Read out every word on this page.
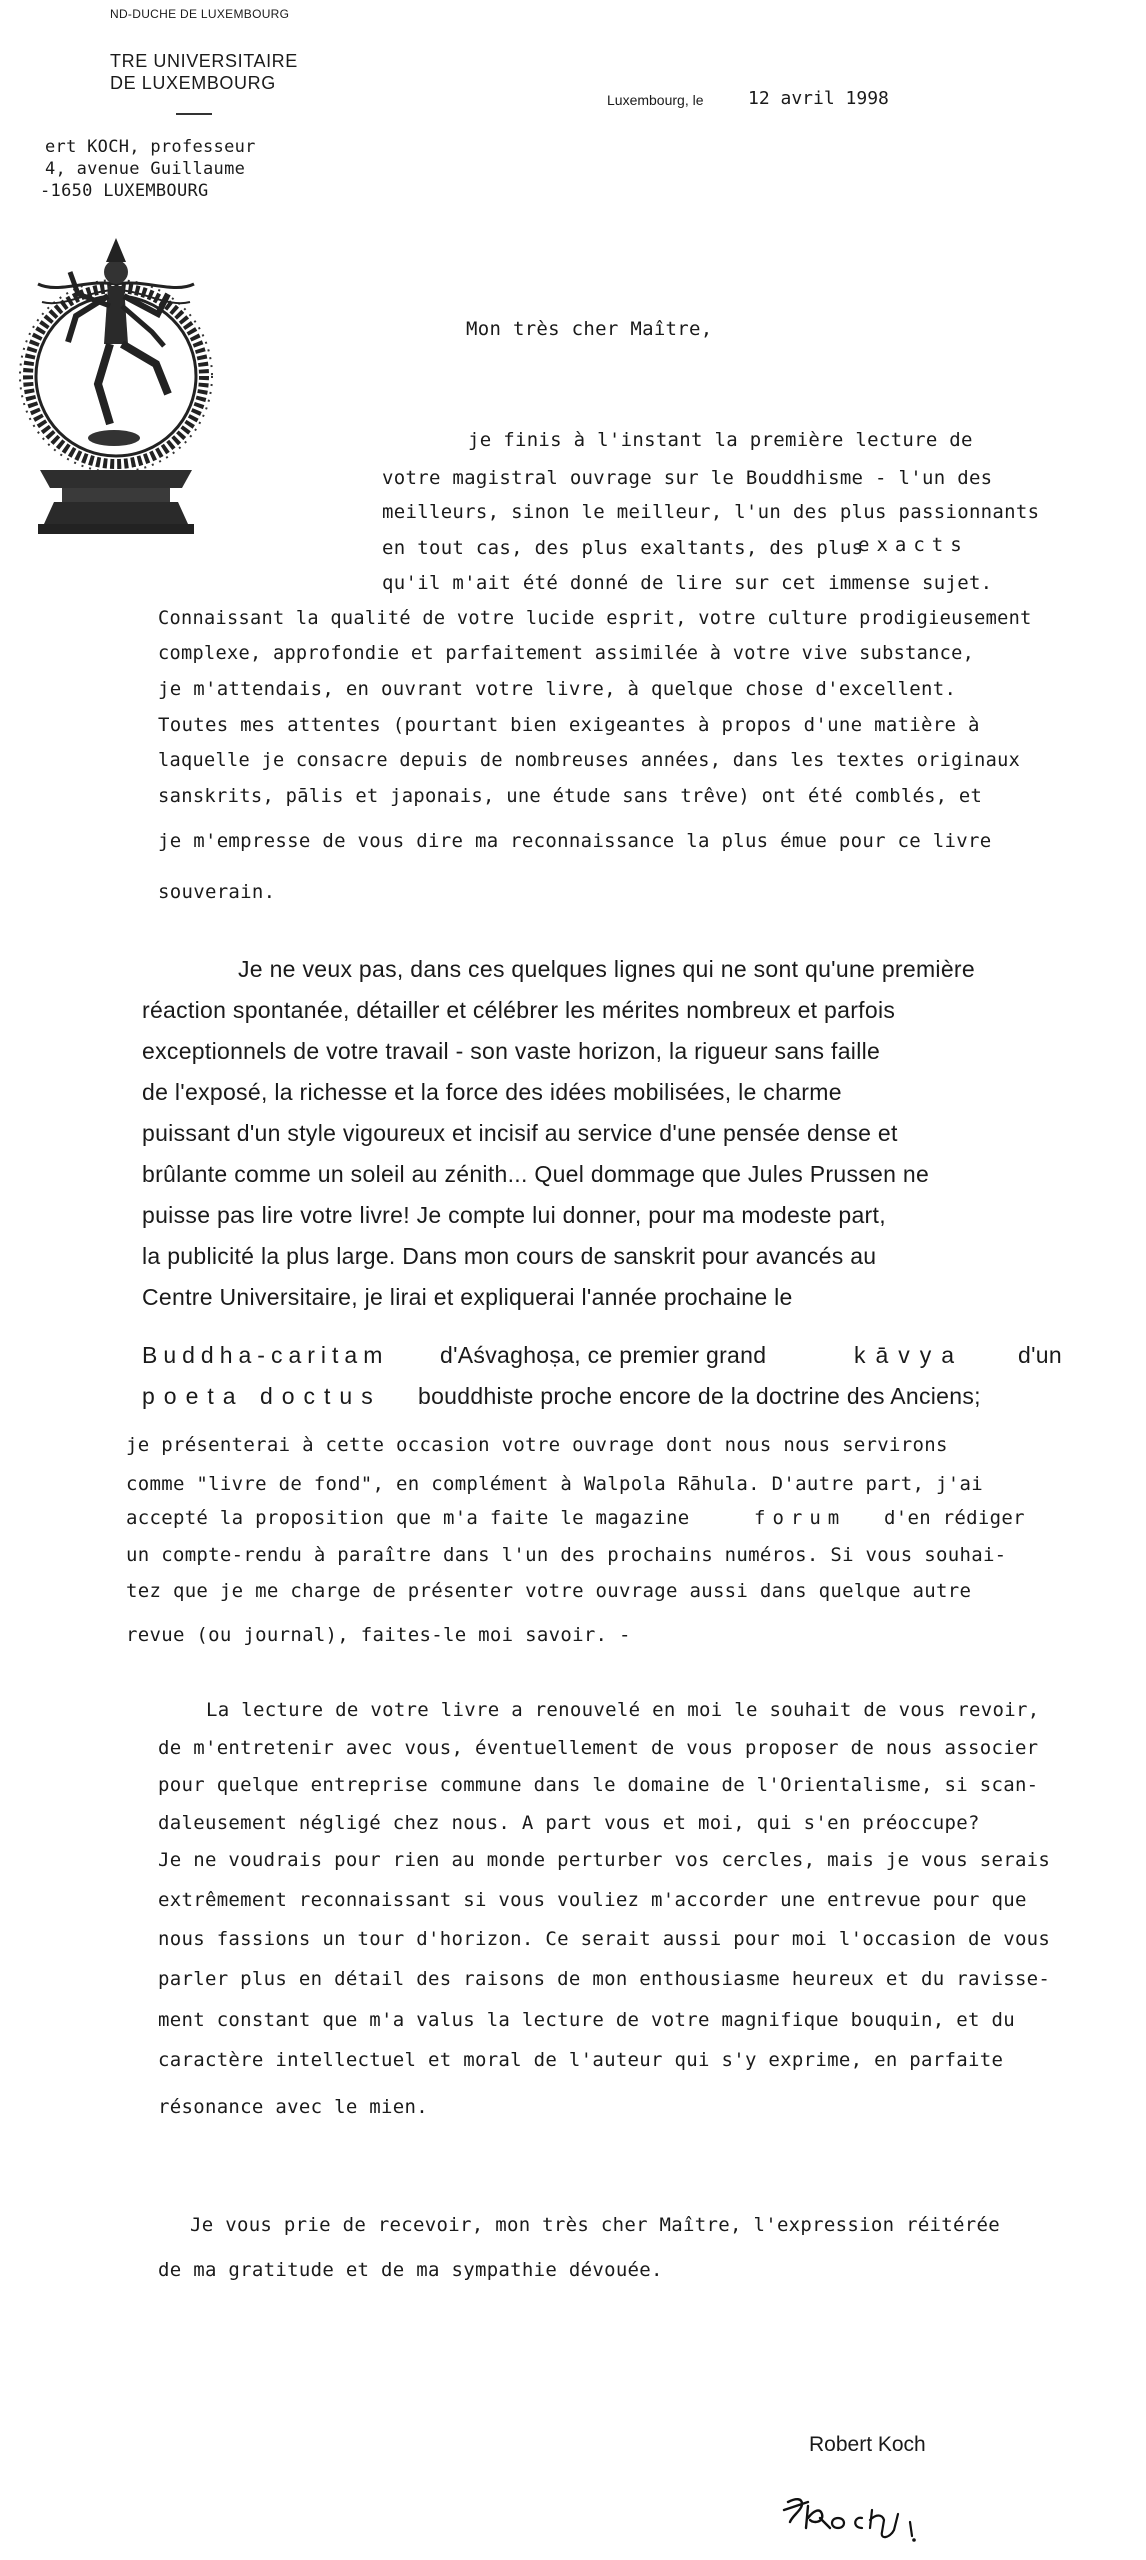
ND-DUCHE DE LUXEMBOURG
TRE UNIVERSITAIRE
DE LUXEMBOURG
ert KOCH, professeur
4, avenue Guillaume
-1650 LUXEMBOURG
Luxembourg, le 12 avril 1998
Mon très cher Maître,
je finis à l'instant la première lecture de
votre magistral ouvrage sur le Bouddhisme - l'un des
meilleurs, sinon le meilleur, l'un des plus passionnants
en tout cas, des plus exaltants, des plus
exacts
qu'il m'ait été donné de lire sur cet immense sujet.
Connaissant la qualité de votre lucide esprit, votre culture prodigieusement
complexe, approfondie et parfaitement assimilée à votre vive substance,
je m'attendais, en ouvrant votre livre, à quelque chose d'excellent.
Toutes mes attentes (pourtant bien exigeantes à propos d'une matière à
laquelle je consacre depuis de nombreuses années, dans les textes originaux
sanskrits, pālis et japonais, une étude sans trêve) ont été comblés, et
je m'empresse de vous dire ma reconnaissance la plus émue pour ce livre
souverain.
Je ne veux pas, dans ces quelques lignes qui ne sont qu'une première
réaction spontanée, détailler et célébrer les mérites nombreux et parfois
exceptionnels de votre travail - son vaste horizon, la rigueur sans faille
de l'exposé, la richesse et la force des idées mobilisées, le charme
puissant d'un style vigoureux et incisif au service d'une pensée dense et
brûlante comme un soleil au zénith... Quel dommage que Jules Prussen ne
puisse pas lire votre livre! Je compte lui donner, pour ma modeste part,
la publicité la plus large. Dans mon cours de sanskrit pour avancés au
Centre Universitaire, je lirai et expliquerai l'année prochaine le
Buddha-caritam d'Aśvaghoṣa, ce premier grand	kāvya d'un
poeta doctus bouddhiste proche encore de la doctrine des Anciens;
je présenterai à cette occasion votre ouvrage dont nous nous servirons
comme "livre de fond", en complément à Walpola Rāhula. D'autre part, j'ai
accepté la proposition que m'a faite le magazine	forum d'en rédiger
un compte-rendu à paraître dans l'un des prochains numéros. Si vous souhai-
tez que je me charge de présenter votre ouvrage aussi dans quelque autre
revue (ou journal), faites-le moi savoir. -
La lecture de votre livre a renouvelé en moi le souhait de vous revoir,
de m'entretenir avec vous, éventuellement de vous proposer de nous associer
pour quelque entreprise commune dans le domaine de l'Orientalisme, si scan-
daleusement négligé chez nous. A part vous et moi, qui s'en préoccupe?
Je ne voudrais pour rien au monde perturber vos cercles, mais je vous serais
extrêmement reconnaissant si vous vouliez m'accorder une entrevue pour que
nous fassions un tour d'horizon. Ce serait aussi pour moi l'occasion de vous
parler plus en détail des raisons de mon enthousiasme heureux et du ravisse-
ment constant que m'a valus la lecture de votre magnifique bouquin, et du
caractère intellectuel et moral de l'auteur qui s'y exprime, en parfaite
résonance avec le mien.
Je vous prie de recevoir, mon très cher Maître, l'expression réitérée
de ma gratitude et de ma sympathie dévouée.
Robert Koch
